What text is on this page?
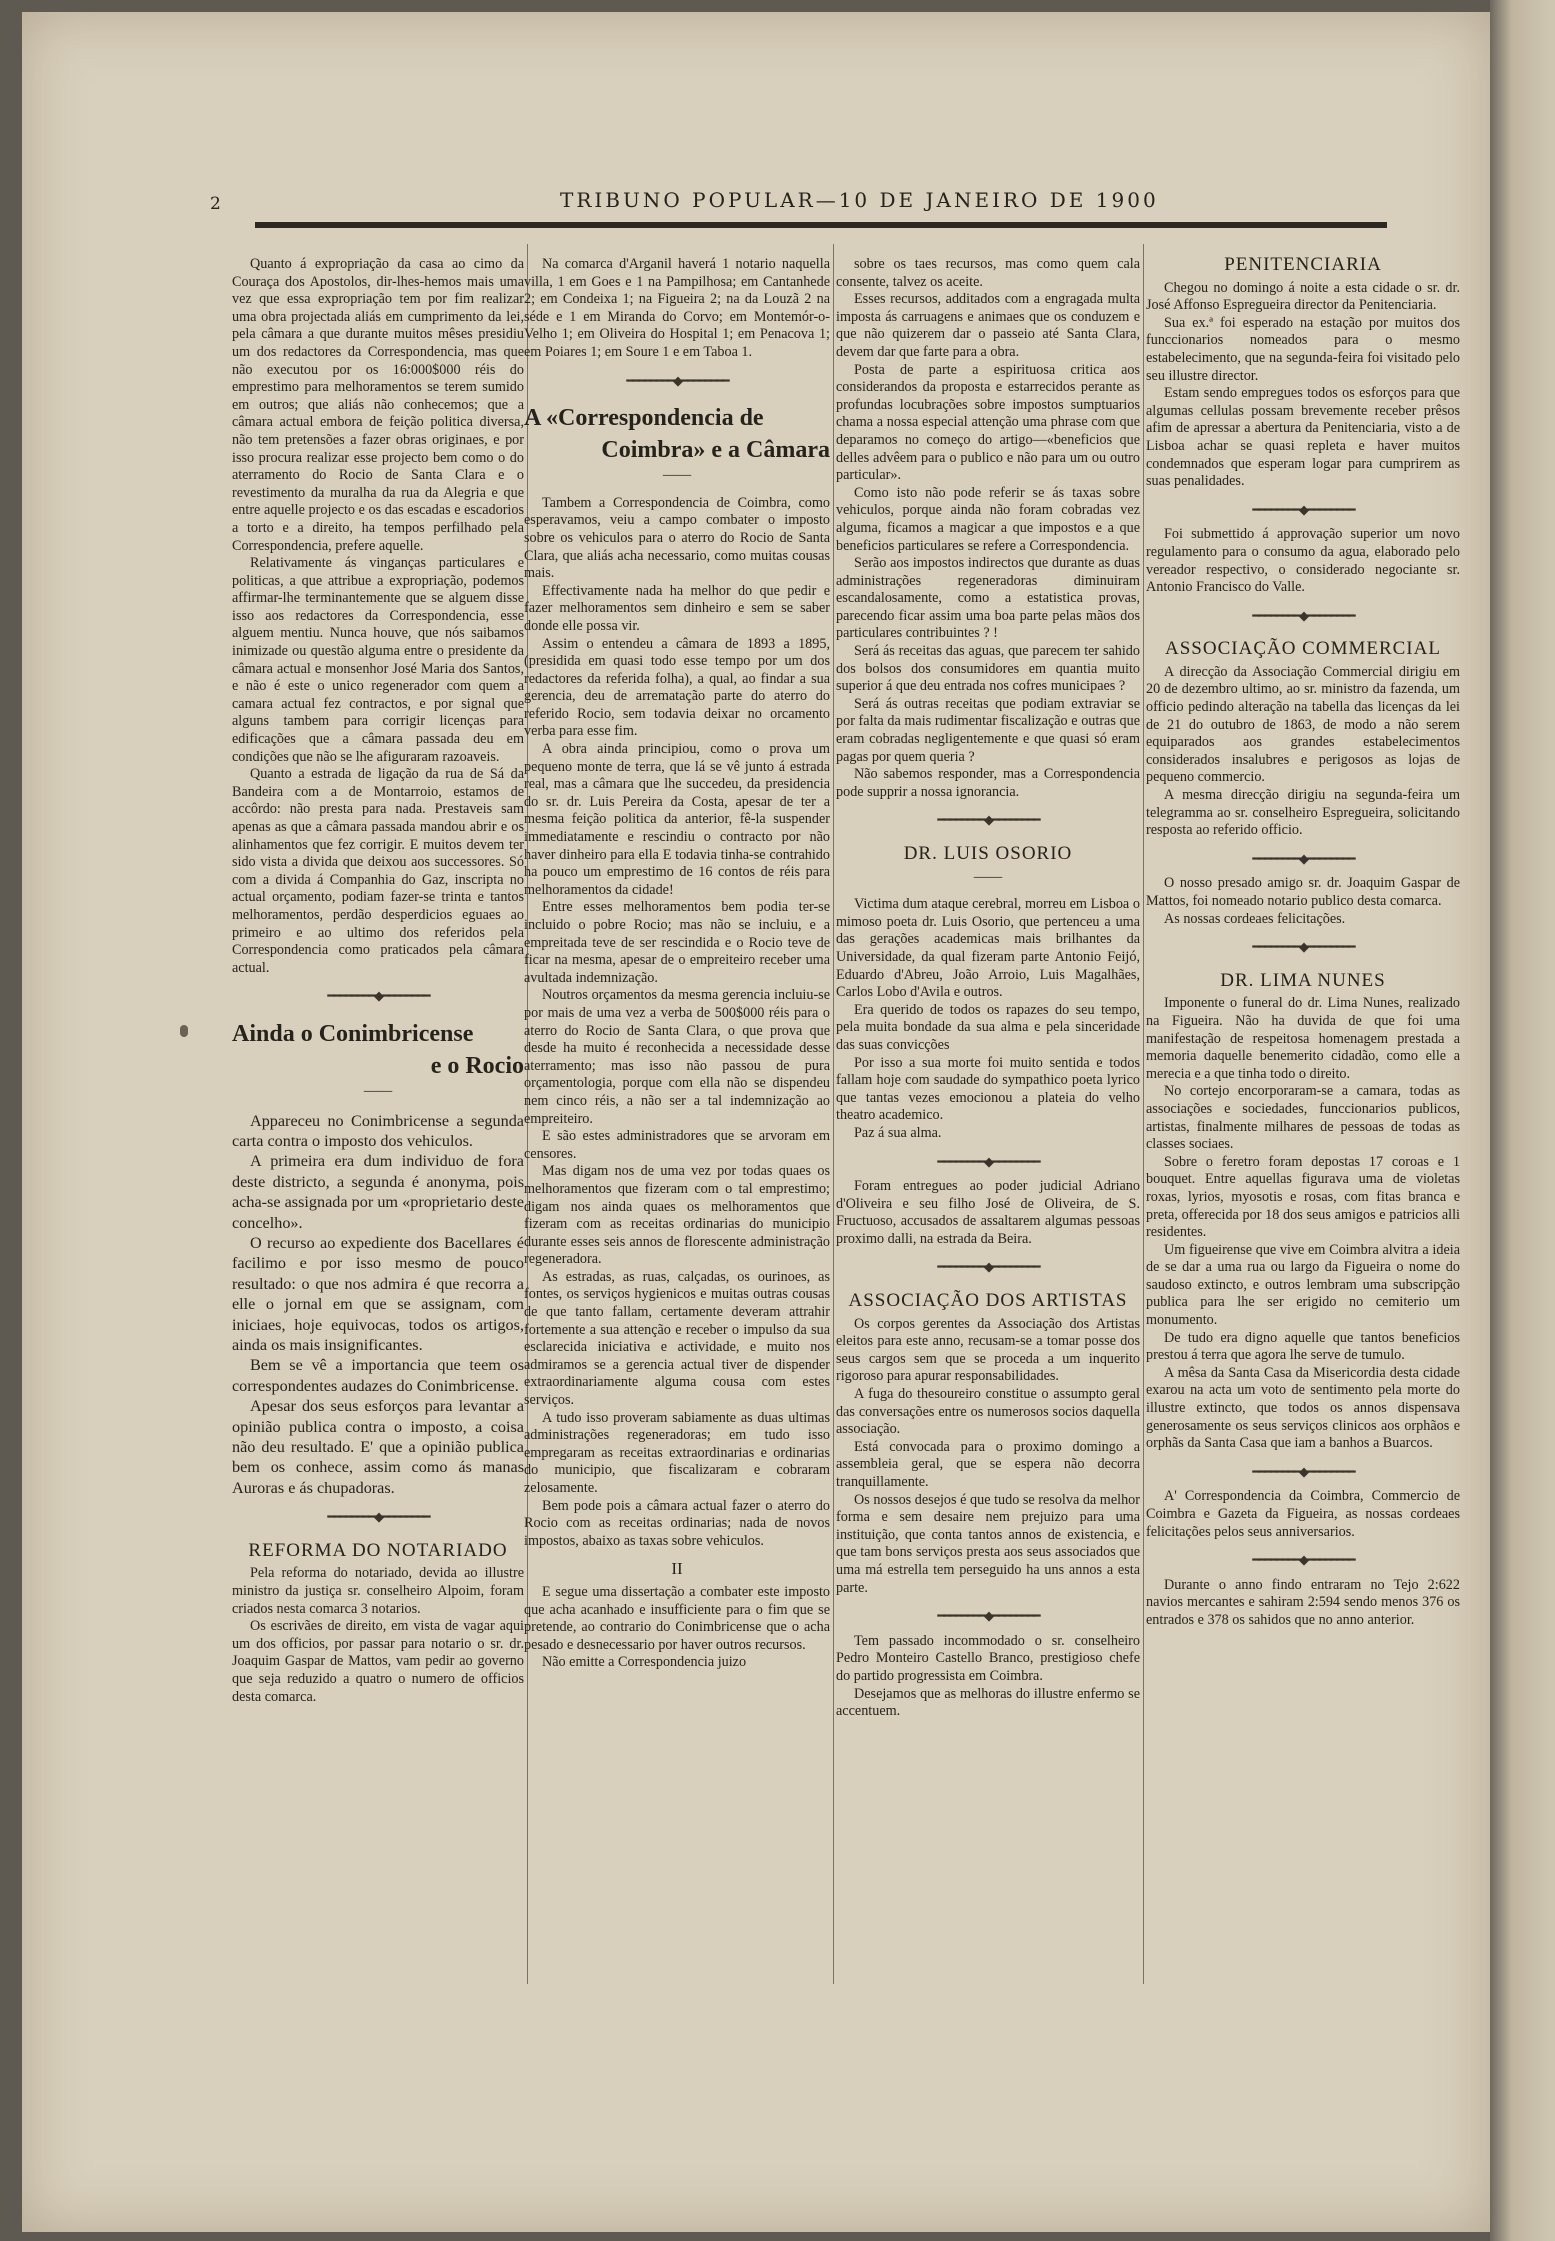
2	TRIBUNO POPULAR—10 DE JANEIRO DE 1900

Quanto á expropriação da casa ao cimo da Couraça dos Apostolos, dir-lhes-hemos mais uma vez que essa expropriação tem por fim realizar uma obra projectada aliás em cumprimento da lei, pela câmara a que durante muitos mêses presidiu um dos redactores da Correspondencia, mas que não executou por os 16:000$000 réis do emprestimo para melhoramentos se terem sumido em outros; que aliás não conhecemos; que a câmara actual embora de feição politica diversa, não tem pretensões a fazer obras originaes, e por isso procura realizar esse projecto bem como o do aterramento do Rocio de Santa Clara e o revestimento da muralha da rua da Alegria e que entre aquelle projecto e os das escadas e escadorios a torto e a direito, ha tempos perfilhado pela Correspondencia, prefere aquelle.

Relativamente ás vinganças particulares e politicas, a que attribue a expropriação, podemos affirmar-lhe terminantemente que se alguem disse isso aos redactores da Correspondencia, esse alguem mentiu. Nunca houve, que nós saibamos inimizade ou questão alguma entre o presidente da câmara actual e monsenhor José Maria dos Santos, e não é este o unico regenerador com quem a camara actual fez contractos, e por signal que alguns tambem para corrigir licenças para edificações que a câmara passada deu em condições que não se lhe afiguraram razoaveis.

Quanto a estrada de ligação da rua de Sá da Bandeira com a de Montarroio, estamos de accôrdo: não presta para nada. Prestaveis sam apenas as que a câmara passada mandou abrir e os alinhamentos que fez corrigir. E muitos devem ter sido vista a divida que deixou aos successores. Só com a divida á Companhia do Gaz, inscripta no actual orçamento, podiam fazer-se trinta e tantos melhoramentos, perdão desperdicios eguaes ao primeiro e ao ultimo dos referidos pela Correspondencia como praticados pela câmara actual.

━━━━━━━━◆━━━━━━━━
Ainda o Conimbricense
e o Rocio
——

Appareceu no Conimbricense a segunda carta contra o imposto dos vehiculos.

A primeira era dum individuo de fora deste districto, a segunda é anonyma, pois acha-se assignada por um «proprietario deste concelho».

O recurso ao expediente dos Bacellares é facilimo e por isso mesmo de pouco resultado: o que nos admira é que recorra a elle o jornal em que se assignam, com iniciaes, hoje equivocas, todos os artigos, ainda os mais insignificantes.

Bem se vê a importancia que teem os correspondentes audazes do Conimbricense.

Apesar dos seus esforços para levantar a opinião publica contra o imposto, a coisa não deu resultado. E' que a opinião publica bem os conhece, assim como ás manas Auroras e ás chupadoras.

━━━━━━━━◆━━━━━━━━
REFORMA DO NOTARIADO

Pela reforma do notariado, devida ao illustre ministro da justiça sr. conselheiro Alpoim, foram criados nesta comarca 3 notarios.

Os escrivães de direito, em vista de vagar aqui um dos officios, por passar para notario o sr. dr. Joaquim Gaspar de Mattos, vam pedir ao governo que seja reduzido a quatro o numero de officios desta comarca.

Na comarca d'Arganil haverá 1 notario naquella villa, 1 em Goes e 1 na Pampilhosa; em Cantanhede 2; em Condeixa 1; na Figueira 2; na da Louzã 2 na séde e 1 em Miranda do Corvo; em Montemór-o-Velho 1; em Oliveira do Hospital 1; em Penacova 1; em Poiares 1; em Soure 1 e em Taboa 1.

━━━━━━━━◆━━━━━━━━
A «Correspondencia de
Coimbra» e a Câmara
——

Tambem a Correspondencia de Coimbra, como esperavamos, veiu a campo combater o imposto sobre os vehiculos para o aterro do Rocio de Santa Clara, que aliás acha necessario, como muitas cousas mais.

Effectivamente nada ha melhor do que pedir e fazer melhoramentos sem dinheiro e sem se saber donde elle possa vir.

Assim o entendeu a câmara de 1893 a 1895, (presidida em quasi todo esse tempo por um dos redactores da referida folha), a qual, ao findar a sua gerencia, deu de arrematação parte do aterro do referido Rocio, sem todavia deixar no orcamento verba para esse fim.

A obra ainda principiou, como o prova um pequeno monte de terra, que lá se vê junto á estrada real, mas a câmara que lhe succedeu, da presidencia do sr. dr. Luis Pereira da Costa, apesar de ter a mesma feição politica da anterior, fê-la suspender immediatamente e rescindiu o contracto por não haver dinheiro para ella E todavia tinha-se contrahido ha pouco um emprestimo de 16 contos de réis para melhoramentos da cidade!

Entre esses melhoramentos bem podia ter-se incluido o pobre Rocio; mas não se incluiu, e a empreitada teve de ser rescindida e o Rocio teve de ficar na mesma, apesar de o empreiteiro receber uma avultada indemnização.

Noutros orçamentos da mesma gerencia incluiu-se por mais de uma vez a verba de 500$000 réis para o aterro do Rocio de Santa Clara, o que prova que desde ha muito é reconhecida a necessidade desse aterramento; mas isso não passou de pura orçamentologia, porque com ella não se dispendeu nem cinco réis, a não ser a tal indemnização ao empreiteiro.

E são estes administradores que se arvoram em censores.

Mas digam nos de uma vez por todas quaes os melhoramentos que fizeram com o tal emprestimo; digam nos ainda quaes os melhoramentos que fizeram com as receitas ordinarias do municipio durante esses seis annos de florescente administração regeneradora.

As estradas, as ruas, calçadas, os ourinoes, as fontes, os serviços hygienicos e muitas outras cousas de que tanto fallam, certamente deveram attrahir fortemente a sua attenção e receber o impulso da sua esclarecida iniciativa e actividade, e muito nos admiramos se a gerencia actual tiver de dispender extraordinariamente alguma cousa com estes serviços.

A tudo isso proveram sabiamente as duas ultimas administrações regeneradoras; em tudo isso empregaram as receitas extraordinarias e ordinarias do municipio, que fiscalizaram e cobraram zelosamente.

Bem pode pois a câmara actual fazer o aterro do Rocio com as receitas ordinarias; nada de novos impostos, abaixo as taxas sobre vehiculos.

II

E segue uma dissertação a combater este imposto que acha acanhado e insufficiente para o fim que se pretende, ao contrario do Conimbricense que o acha pesado e desnecessario por haver outros recursos.

Não emitte a Correspondencia juizo

sobre os taes recursos, mas como quem cala consente, talvez os aceite.

Esses recursos, additados com a engragada multa imposta ás carruagens e animaes que os conduzem e que não quizerem dar o passeio até Santa Clara, devem dar que farte para a obra.

Posta de parte a espirituosa critica aos considerandos da proposta e estarrecidos perante as profundas locubrações sobre impostos sumptuarios chama a nossa especial attenção uma phrase com que deparamos no começo do artigo—«beneficios que delles advêem para o publico e não para um ou outro particular».

Como isto não pode referir se ás taxas sobre vehiculos, porque ainda não foram cobradas vez alguma, ficamos a magicar a que impostos e a que beneficios particulares se refere a Correspondencia.

Serão aos impostos indirectos que durante as duas administrações regeneradoras diminuiram escandalosamente, como a estatistica provas, parecendo ficar assim uma boa parte pelas mãos dos particulares contribuintes ? !

Será ás receitas das aguas, que parecem ter sahido dos bolsos dos consumidores em quantia muito superior á que deu entrada nos cofres municipaes ?

Será ás outras receitas que podiam extraviar se por falta da mais rudimentar fiscalização e outras que eram cobradas negligentemente e que quasi só eram pagas por quem queria ?

Não sabemos responder, mas a Correspondencia pode supprir a nossa ignorancia.

━━━━━━━━◆━━━━━━━━
DR. LUIS OSORIO
——

Victima dum ataque cerebral, morreu em Lisboa o mimoso poeta dr. Luis Osorio, que pertenceu a uma das gerações academicas mais brilhantes da Universidade, da qual fizeram parte Antonio Feijó, Eduardo d'Abreu, João Arroio, Luis Magalhães, Carlos Lobo d'Avila e outros.

Era querido de todos os rapazes do seu tempo, pela muita bondade da sua alma e pela sinceridade das suas convicções

Por isso a sua morte foi muito sentida e todos fallam hoje com saudade do sympathico poeta lyrico que tantas vezes emocionou a plateia do velho theatro academico.

Paz á sua alma.

━━━━━━━━◆━━━━━━━━

Foram entregues ao poder judicial Adriano d'Oliveira e seu filho José de Oliveira, de S. Fructuoso, accusados de assaltarem algumas pessoas proximo dalli, na estrada da Beira.

━━━━━━━━◆━━━━━━━━
ASSOCIAÇÃO DOS ARTISTAS

Os corpos gerentes da Associação dos Artistas eleitos para este anno, recusam-se a tomar posse dos seus cargos sem que se proceda a um inquerito rigoroso para apurar responsabilidades.

A fuga do thesoureiro constitue o assumpto geral das conversações entre os numerosos socios daquella associação.

Está convocada para o proximo domingo a assembleia geral, que se espera não decorra tranquillamente.

Os nossos desejos é que tudo se resolva da melhor forma e sem desaire nem prejuizo para uma instituição, que conta tantos annos de existencia, e que tam bons serviços presta aos seus associados que uma má estrella tem perseguido ha uns annos a esta parte.

━━━━━━━━◆━━━━━━━━

Tem passado incommodado o sr. conselheiro Pedro Monteiro Castello Branco, prestigioso chefe do partido progressista em Coimbra.

Desejamos que as melhoras do illustre enfermo se accentuem.

PENITENCIARIA

Chegou no domingo á noite a esta cidade o sr. dr. José Affonso Espregueira director da Penitenciaria.

Sua ex.ª foi esperado na estação por muitos dos funccionarios nomeados para o mesmo estabelecimento, que na segunda-feira foi visitado pelo seu illustre director.

Estam sendo empregues todos os esforços para que algumas cellulas possam brevemente receber prêsos afim de apressar a abertura da Penitenciaria, visto a de Lisboa achar se quasi repleta e haver muitos condemnados que esperam logar para cumprirem as suas penalidades.

━━━━━━━━◆━━━━━━━━

Foi submettido á approvação superior um novo regulamento para o consumo da agua, elaborado pelo vereador respectivo, o considerado negociante sr. Antonio Francisco do Valle.

━━━━━━━━◆━━━━━━━━
ASSOCIAÇÃO COMMERCIAL

A direcção da Associação Commercial dirigiu em 20 de dezembro ultimo, ao sr. ministro da fazenda, um officio pedindo alteração na tabella das licenças da lei de 21 do outubro de 1863, de modo a não serem equiparados aos grandes estabelecimentos considerados insalubres e perigosos as lojas de pequeno commercio.

A mesma direcção dirigiu na segunda-feira um telegramma ao sr. conselheiro Espregueira, solicitando resposta ao referido officio.

━━━━━━━━◆━━━━━━━━

O nosso presado amigo sr. dr. Joaquim Gaspar de Mattos, foi nomeado notario publico desta comarca.

As nossas cordeaes felicitações.

━━━━━━━━◆━━━━━━━━
DR. LIMA NUNES

Imponente o funeral do dr. Lima Nunes, realizado na Figueira. Não ha duvida de que foi uma manifestação de respeitosa homenagem prestada a memoria daquelle benemerito cidadão, como elle a merecia e a que tinha todo o direito.

No cortejo encorporaram-se a camara, todas as associações e sociedades, funccionarios publicos, artistas, finalmente milhares de pessoas de todas as classes sociaes.

Sobre o feretro foram depostas 17 coroas e 1 bouquet. Entre aquellas figurava uma de violetas roxas, lyrios, myosotis e rosas, com fitas branca e preta, offerecida por 18 dos seus amigos e patricios alli residentes.

Um figueirense que vive em Coimbra alvitra a ideia de se dar a uma rua ou largo da Figueira o nome do saudoso extincto, e outros lembram uma subscripção publica para lhe ser erigido no cemiterio um monumento.

De tudo era digno aquelle que tantos beneficios prestou á terra que agora lhe serve de tumulo.

A mêsa da Santa Casa da Misericordia desta cidade exarou na acta um voto de sentimento pela morte do illustre extincto, que todos os annos dispensava generosamente os seus serviços clinicos aos orphãos e orphãs da Santa Casa que iam a banhos a Buarcos.

━━━━━━━━◆━━━━━━━━

A' Correspondencia da Coimbra, Commercio de Coimbra e Gazeta da Figueira, as nossas cordeaes felicitações pelos seus anniversarios.

━━━━━━━━◆━━━━━━━━

Durante o anno findo entraram no Tejo 2:622 navios mercantes e sahiram 2:594 sendo menos 376 os entrados e 378 os sahidos que no anno anterior.
